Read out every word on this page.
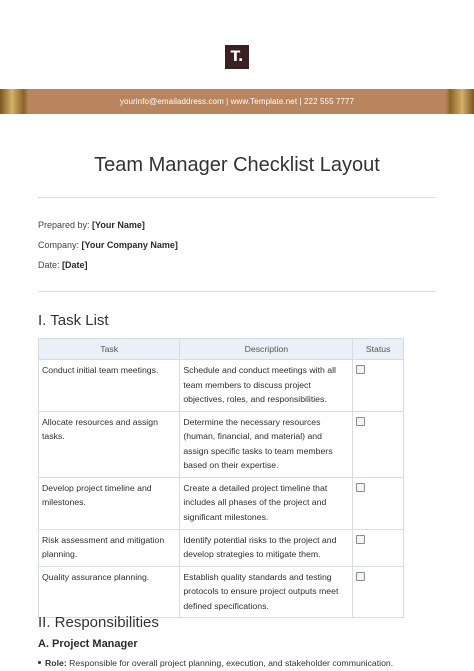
T.
yourinfo@emailaddress.com | www.Template.net | 222 555 7777
Team Manager Checklist Layout
Prepared by: [Your Name]
Company: [Your Company Name]
Date: [Date]
I. Task List
Task	Description	Status
Conduct initial team meetings.	Schedule and conduct meetings with all team members to discuss project objectives, roles, and responsibilities.	
Allocate resources and assign tasks.	Determine the necessary resources (human, financial, and material) and assign specific tasks to team members based on their expertise.	
Develop project timeline and milestones.	Create a detailed project timeline that includes all phases of the project and significant milestones.	
Risk assessment and mitigation planning.	Identify potential risks to the project and develop strategies to mitigate them.	
Quality assurance planning.	Establish quality standards and testing protocols to ensure project outputs meet defined specifications.	
II. Responsibilities
A. Project Manager
Role: Responsible for overall project planning, execution, and stakeholder communication.
